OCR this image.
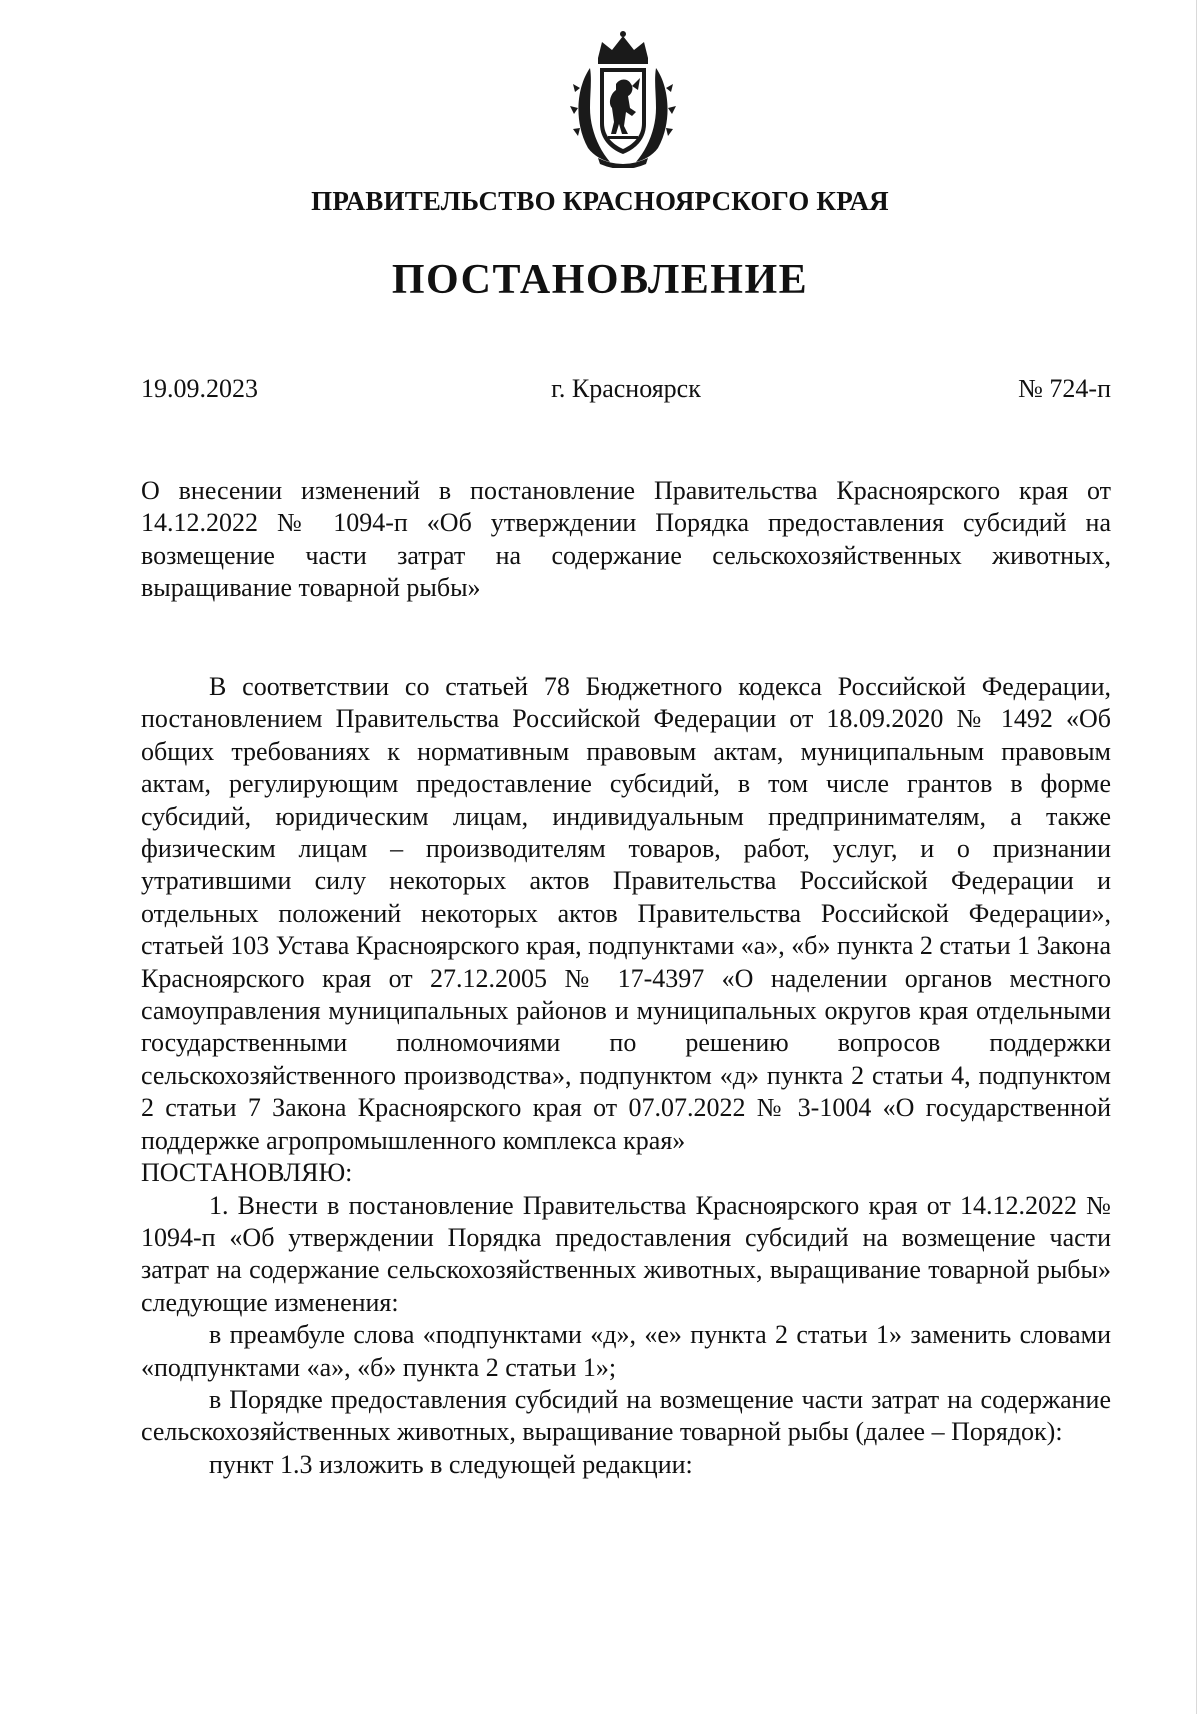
ПРАВИТЕЛЬСТВО КРАСНОЯРСКОГО КРАЯ
ПОСТАНОВЛЕНИЕ
19.09.2023	г. Красноярск	№ 724-п

О внесении изменений в постановление Правительства Красноярского края от 14.12.2022 № 1094-п «Об утверждении Порядка предоставления субсидий на возмещение части затрат на содержание сельскохозяйственных животных, выращивание товарной рыбы»

В соответствии со статьей 78 Бюджетного кодекса Российской Федерации, постановлением Правительства Российской Федерации от 18.09.2020 № 1492 «Об общих требованиях к нормативным правовым актам, муниципальным правовым актам, регулирующим предоставление субсидий, в том числе грантов в форме субсидий, юридическим лицам, индивидуальным предпринимателям, а также физическим лицам – производителям товаров, работ, услуг, и о признании утратившими силу некоторых актов Правительства Российской Федерации и отдельных положений некоторых актов Правительства Российской Федерации», статьей 103 Устава Красноярского края, подпунктами «а», «б» пункта 2 статьи 1 Закона Красноярского края от 27.12.2005 № 17-4397 «О наделении органов местного самоуправления муниципальных районов и муниципальных округов края отдельными государственными полномочиями по решению вопросов поддержки сельскохозяйственного производства», подпунктом «д» пункта 2 статьи 4, подпунктом 2 статьи 7 Закона Красноярского края от 07.07.2022 № 3-1004 «О государственной поддержке агропромышленного комплекса края»

ПОСТАНОВЛЯЮ:

1. Внести в постановление Правительства Красноярского края от 14.12.2022 № 1094-п «Об утверждении Порядка предоставления субсидий на возмещение части затрат на содержание сельскохозяйственных животных, выращивание товарной рыбы» следующие изменения:

в преамбуле слова «подпунктами «д», «е» пункта 2 статьи 1» заменить словами «подпунктами «а», «б» пункта 2 статьи 1»;

в Порядке предоставления субсидий на возмещение части затрат на содержание сельскохозяйственных животных, выращивание товарной рыбы (далее – Порядок):

пункт 1.3 изложить в следующей редакции:
